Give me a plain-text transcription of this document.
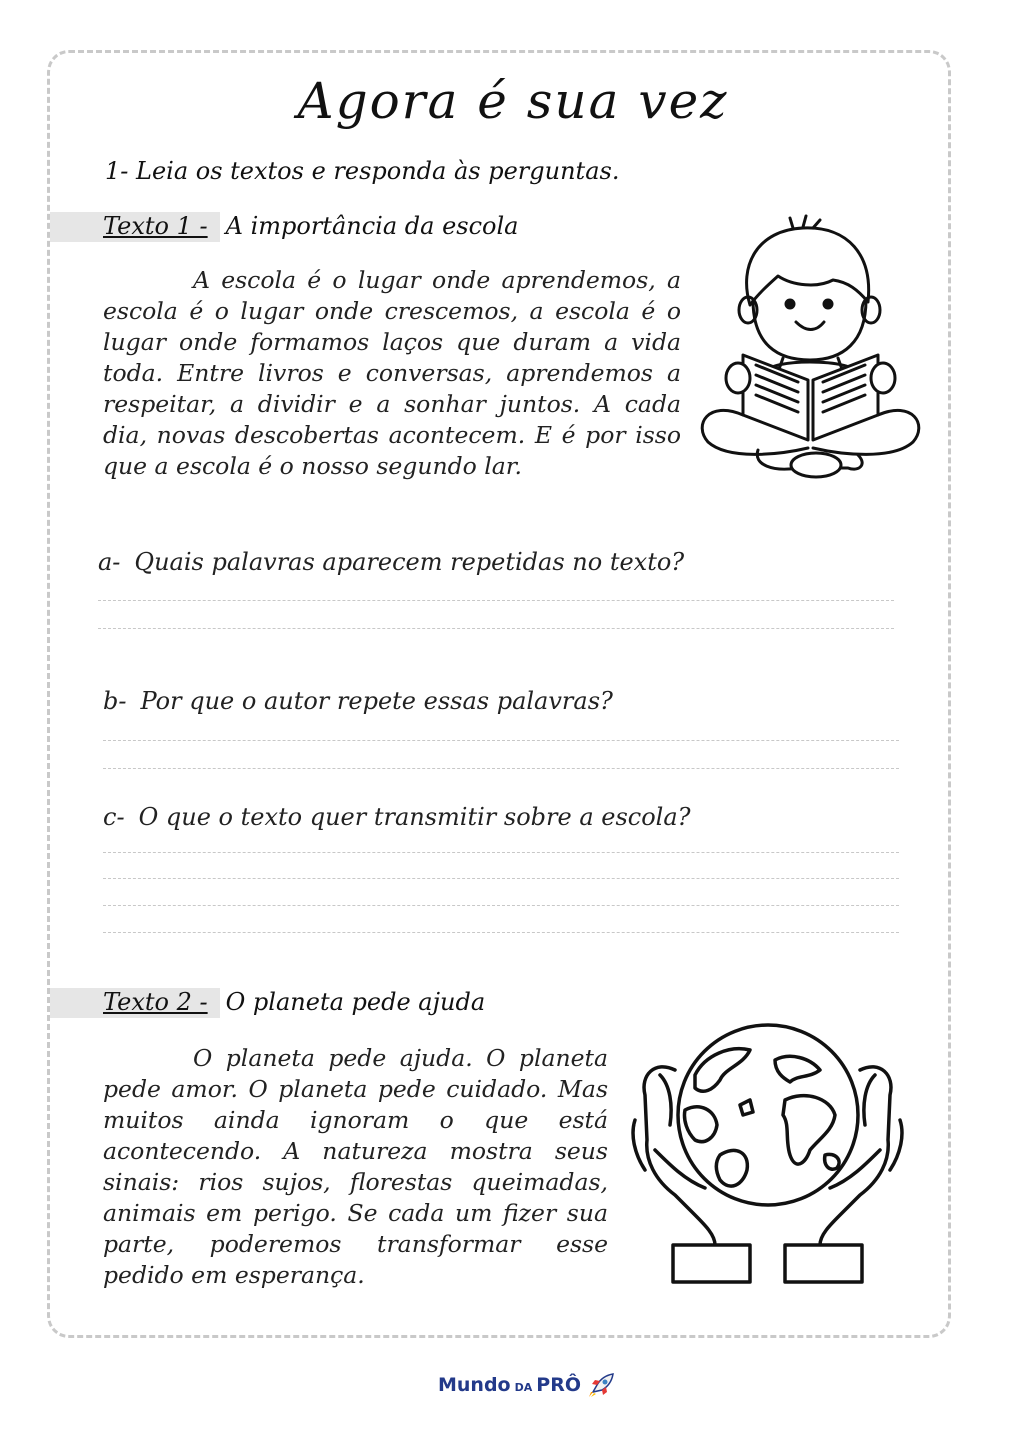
Agora é sua vez
1- Leia os textos e responda às perguntas.
Texto 1 - A importância da escola

A escola é o lugar onde aprendemos, a escola é o lugar onde crescemos, a escola é o lugar onde formamos laços que duram a vida toda. Entre livros e conversas, aprendemos a respeitar, a dividir e a sonhar juntos. A cada dia, novas descobertas acontecem. E é por isso que a escola é o nosso segundo lar.

a- Quais palavras aparecem repetidas no texto?
b- Por que o autor repete essas palavras?
c- O que o texto quer transmitir sobre a escola?
Texto 2 - O planeta pede ajuda

O planeta pede ajuda. O planeta pede amor. O planeta pede cuidado. Mas muitos ainda ignoram o que está acontecendo. A natureza mostra seus sinais: rios sujos, florestas queimadas, animais em perigo. Se cada um fizer sua parte, poderemos transformar esse pedido em esperança.

Mundo DA PRÔ
